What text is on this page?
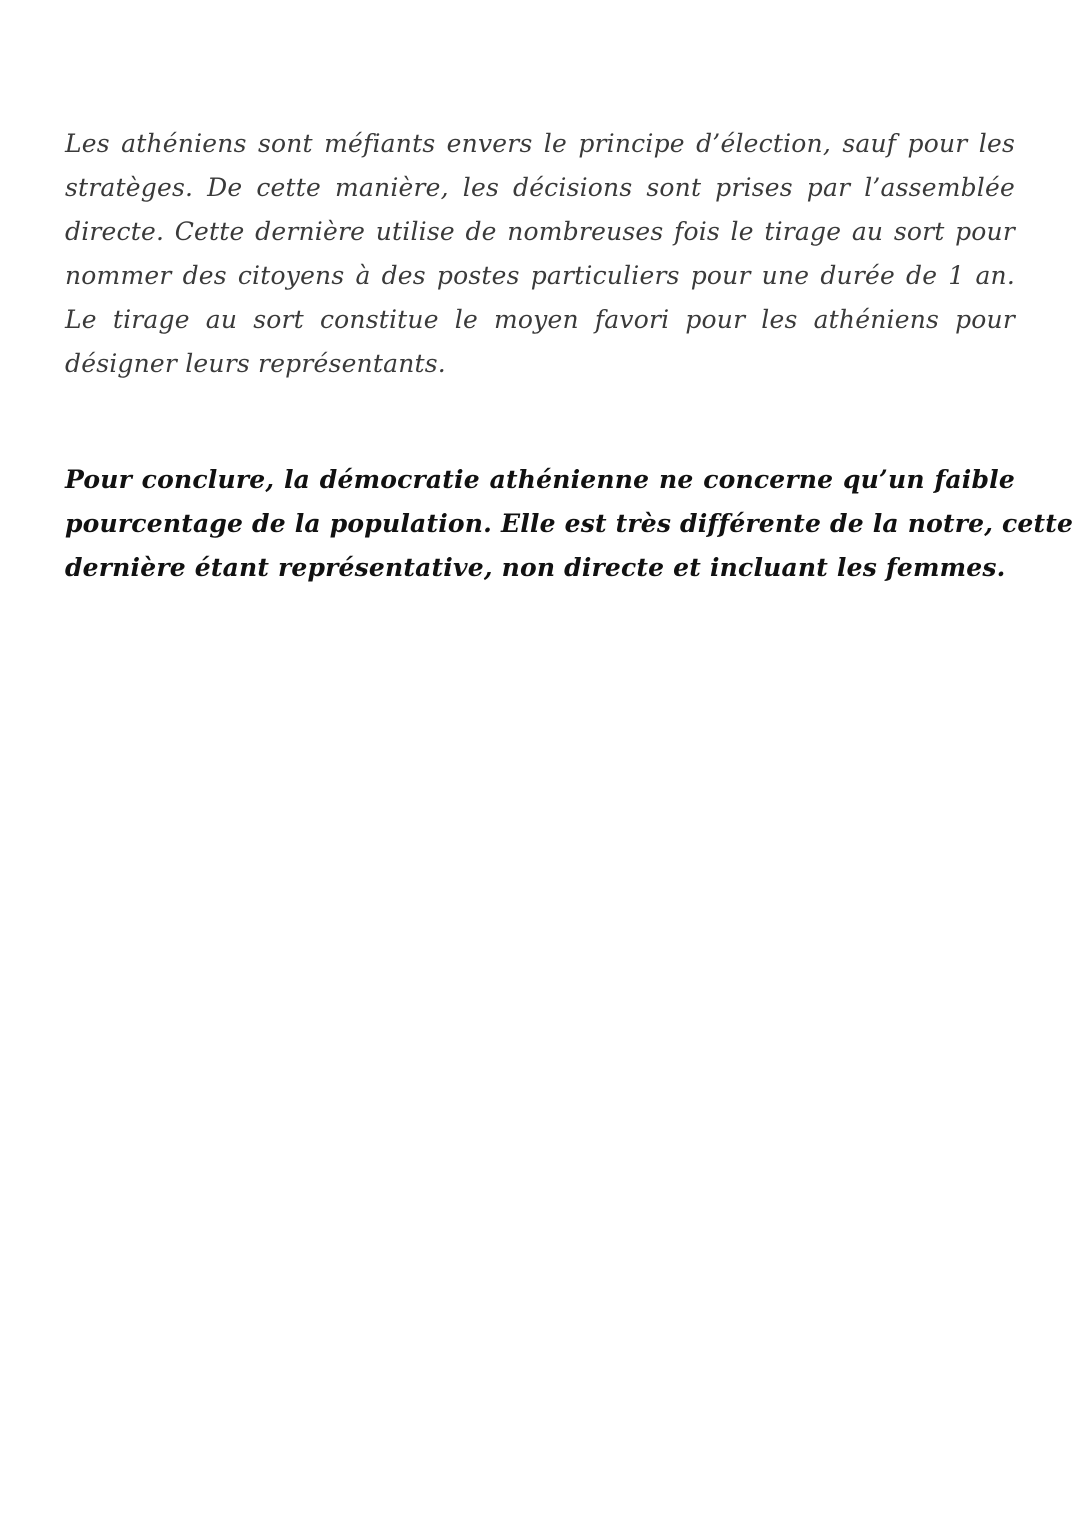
Les athéniens sont méfiants envers le principe d’élection, sauf pour les
stratèges. De cette manière, les décisions sont prises par l’assemblée
directe. Cette dernière utilise de nombreuses fois le tirage au sort pour
nommer des citoyens à des postes particuliers pour une durée de 1 an.
Le tirage au sort constitue le moyen favori pour les athéniens pour
désigner leurs représentants.

Pour conclure, la démocratie athénienne ne concerne qu’un faible
pourcentage de la population. Elle est très différente de la notre, cette
dernière étant représentative, non directe et incluant les femmes.
